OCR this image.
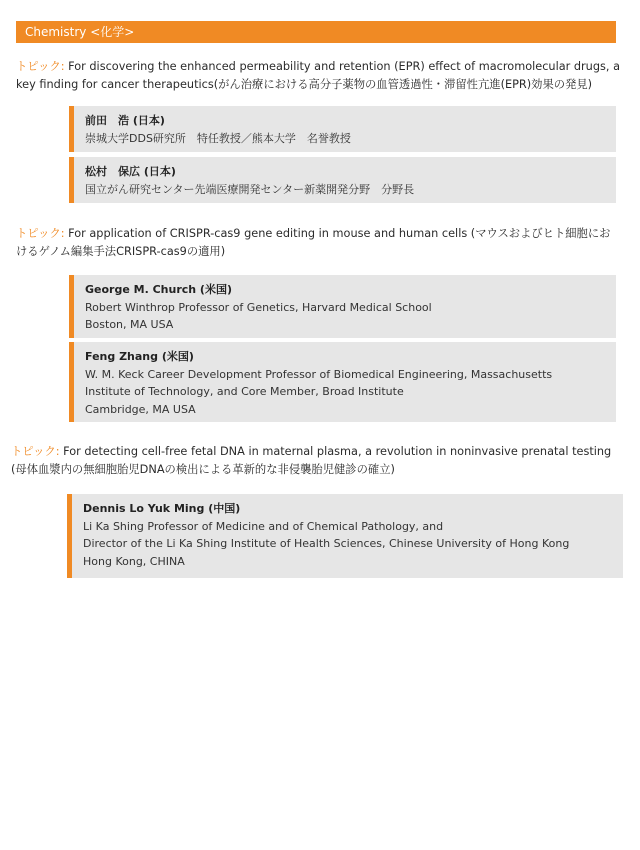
Chemistry <化学>
トピック: For discovering the enhanced permeability and retention (EPR) effect of macromolecular drugs, a
key finding for cancer therapeutics(がん治療における高分子薬物の血管透過性・滞留性亢進(EPR)効果の発見)
前田　浩 (日本)
崇城大学DDS研究所　特任教授／熊本大学　名誉教授
松村　保広 (日本)
国立がん研究センター先端医療開発センター新薬開発分野　分野長
トピック: For application of CRISPR-cas9 gene editing in mouse and human cells (マウスおよびヒト細胞にお
けるゲノム編集手法CRISPR-cas9の適用)
George M. Church (米国)
Robert Winthrop Professor of Genetics, Harvard Medical School
Boston, MA USA
Feng Zhang (米国)
W. M. Keck Career Development Professor of Biomedical Engineering, Massachusetts
Institute of Technology, and Core Member, Broad Institute
Cambridge, MA USA
トピック: For detecting cell-free fetal DNA in maternal plasma, a revolution in noninvasive prenatal testing
(母体血漿内の無細胞胎児DNAの検出による革新的な非侵襲胎児健診の確立)
Dennis Lo Yuk Ming (中国)
Li Ka Shing Professor of Medicine and of Chemical Pathology, and
Director of the Li Ka Shing Institute of Health Sciences, Chinese University of Hong Kong
Hong Kong, CHINA
